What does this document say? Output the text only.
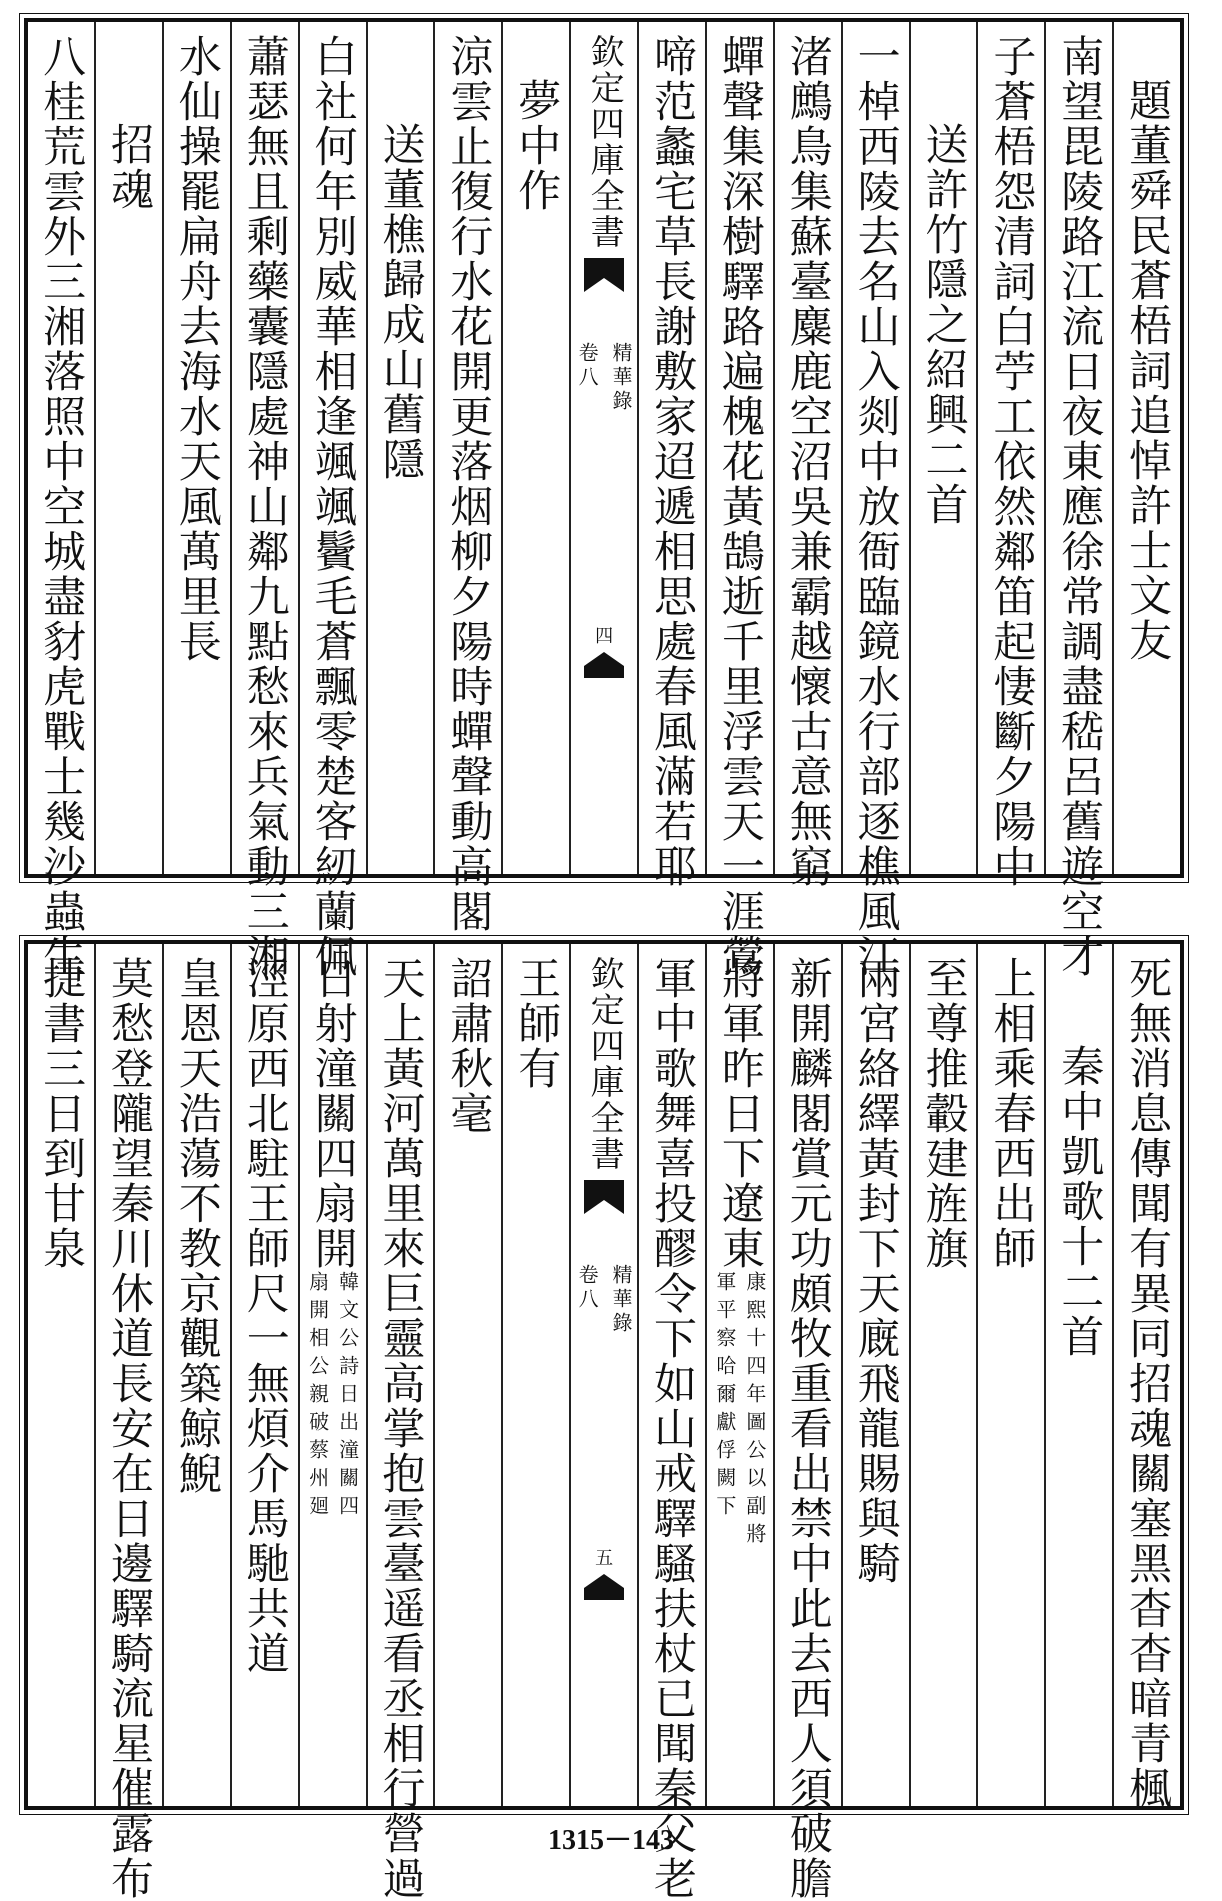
題董舜民蒼梧詞追悼許士文友
南望毘陵路江流日夜東應徐常調盡嵇呂舊遊空才
子蒼梧怨清詞白苧工依然鄰笛起悽斷夕陽中
送許竹隱之紹興二首
一棹西陵去名山入剡中放衙臨鏡水行部逐樵風江
渚鷓鳥集蘇臺麋鹿空沼吳兼霸越懷古意無窮
蟬聲集深樹驛路遍槐花黃鵠逝千里浮雲天一涯鶯
啼范蠡宅草長謝敷家迢遞相思處春風滿若耶
欽定四庫全書
精華錄
卷八
四
夢中作
涼雲止復行水花開更落烟柳夕陽時蟬聲動高閣
送董樵歸成山舊隱
白社何年別威華相逢颯颯鬢毛蒼飄零楚客紉蘭佩
蕭瑟無且剩藥囊隱處神山鄰九點愁來兵氣動三湘
水仙操罷扁舟去海水天風萬里長
招魂
八桂荒雲外三湘落照中空城盡豺虎戰士幾沙蟲生
死無消息傳聞有異同招魂關塞黑杳杳暗青楓
秦中凱歌十二首
上相乘春西出師
至尊推轂建旌旗
兩宮絡繹黃封下天廐飛龍賜與騎
新開麟閣賞元功頗牧重看出禁中此去西人須破膽
將軍昨日下遼東
康熙十四年圖公以副將
軍平察哈爾獻俘闕下
軍中歌舞喜投醪令下如山戒驛騷扶杖已聞秦父老
欽定四庫全書
精華錄
卷八
五
王師有
詔肅秋毫
天上黃河萬里來巨靈高掌抱雲臺遥看丞相行營過
日射潼關四扇開
韓文公詩日出潼關四
扇開相公親破蔡州廻
涇原西北駐王師尺一無煩介馬馳共道
皇恩天浩蕩不教京觀築鯨鯢
莫愁登隴望秦川休道長安在日邊驛騎流星催露布
捷書三日到甘泉
1315－143
